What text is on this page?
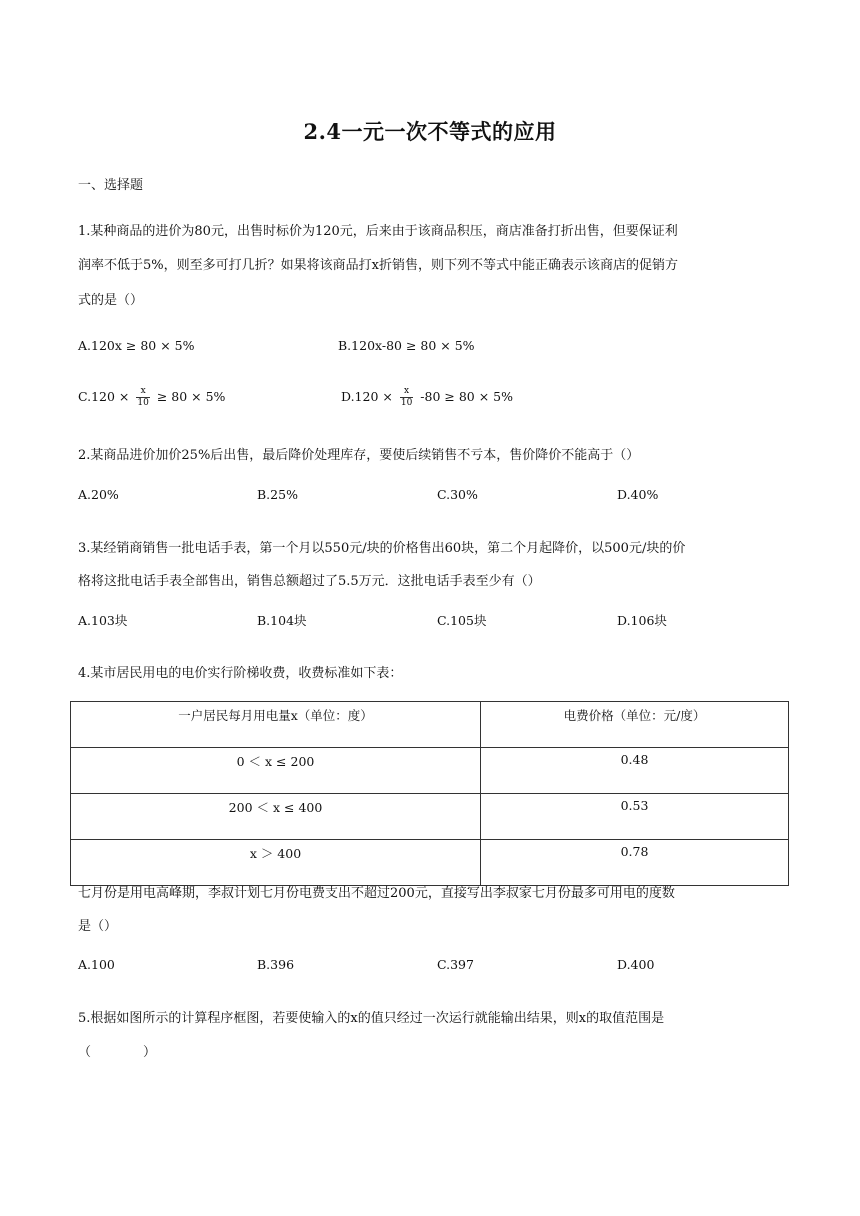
2.4一元一次不等式的应用
一、选择题
1.某种商品的进价为80元，出售时标价为120元，后来由于该商品积压，商店准备打折出售，但要保证利
润率不低于5%，则至多可打几折？如果将该商品打x折销售，则下列不等式中能正确表示该商店的促销方
式的是（）
A.120x ≥ 80 × 5%	B.120x-80 ≥ 80 × 5%
$C.120 \times \frac{x}{10} \ge 80 \times 5\%$	$D.120 \times \frac{x}{10} -80 \ge 80 \times 5\%$
2.某商品进价加价25%后出售，最后降价处理库存，要使后续销售不亏本，售价降价不能高于（）
A.20%	B.25%	C.30%	D.40%
3.某经销商销售一批电话手表，第一个月以550元/块的价格售出60块，第二个月起降价，以500元/块的价
格将这批电话手表全部售出，销售总额超过了5.5万元．这批电话手表至少有（）
A.103块	B.104块	C.105块	D.106块
4.某市居民用电的电价实行阶梯收费，收费标准如下表：
一户居民每月用电量x（单位：度）	电费价格（单位：元/度）
0 ＜ x ≤ 200	0.48
200 ＜ x ≤ 400	0.53
x ＞ 400	0.78
七月份是用电高峰期，李叔计划七月份电费支出不超过200元，直接写出李叔家七月份最多可用电的度数
是（）
A.100	B.396	C.397	D.400
5.根据如图所示的计算程序框图，若要使输入的x的值只经过一次运行就能输出结果，则x的取值范围是
（　　　　）
